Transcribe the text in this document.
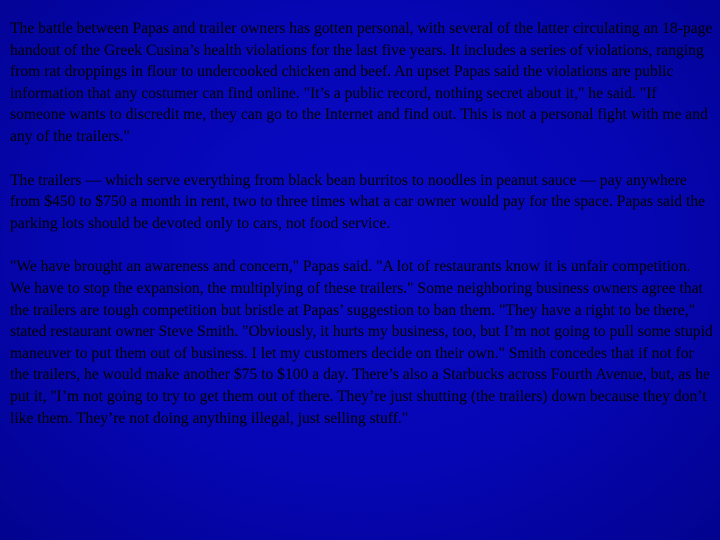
The battle between Papas and trailer owners has gotten personal, with several of the latter circulating an 18-page handout of the Greek Cusina’s health violations for the last five years. It includes a series of violations, ranging from rat droppings in flour to undercooked chicken and beef. An upset Papas said the violations are public information that any costumer can find online. "It’s a public record, nothing secret about it," he said. "If someone wants to discredit me, they can go to the Internet and find out. This is not a personal fight with me and any of the trailers."

The trailers — which serve everything from black bean burritos to noodles in peanut sauce — pay anywhere from $450 to $750 a month in rent, two to three times what a car owner would pay for the space. Papas said the parking lots should be devoted only to cars, not food service.

"We have brought an awareness and concern," Papas said. "A lot of restaurants know it is unfair competition. We have to stop the expansion, the multiplying of these trailers." Some neighboring business owners agree that the trailers are tough competition but bristle at Papas’ suggestion to ban them. "They have a right to be there," stated restaurant owner Steve Smith. "Obviously, it hurts my business, too, but I’m not going to pull some stupid maneuver to put them out of business. I let my customers decide on their own." Smith concedes that if not for the trailers, he would make another $75 to $100 a day. There’s also a Starbucks across Fourth Avenue, but, as he put it, "I’m not going to try to get them out of there. They’re just shutting (the trailers) down because they don’t like them. They’re not doing anything illegal, just selling stuff."
